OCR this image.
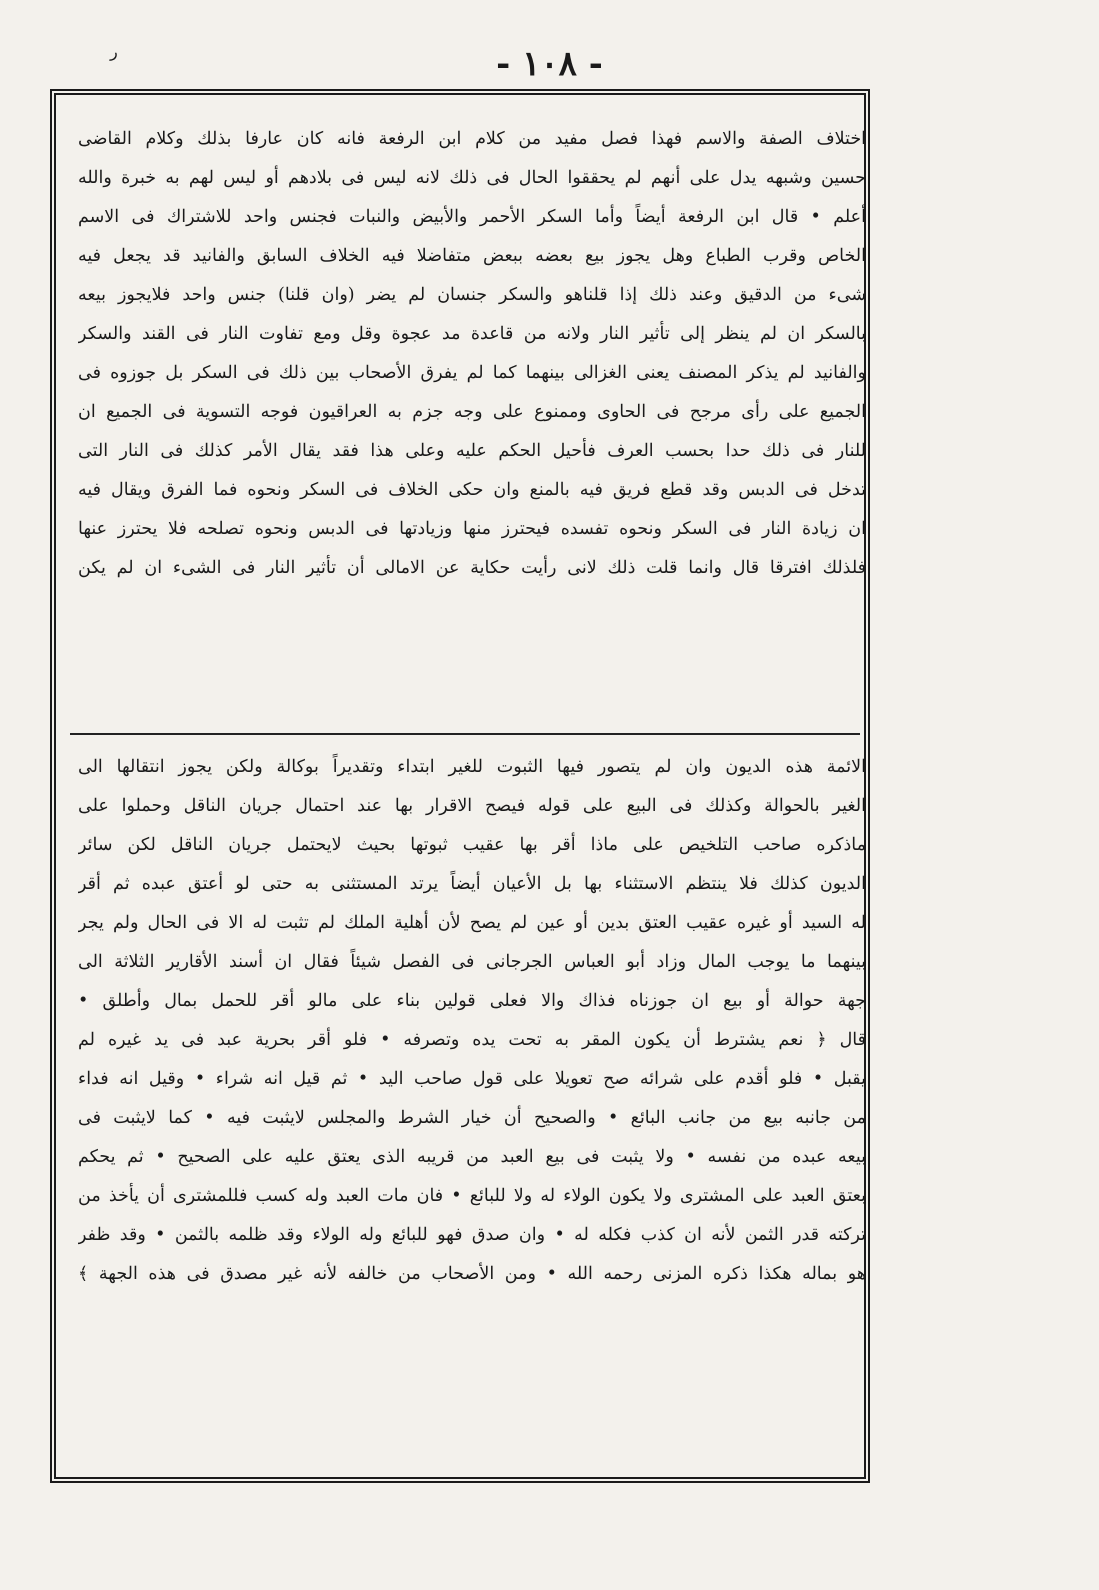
- ١٠٨ -
ر

اختلاف الصفة والاسم فهذا فصل مفيد من كلام ابن الرفعة فانه كان عارفا بذلك وكلام القاضى

حسين وشبهه يدل على أنهم لم يحققوا الحال فى ذلك لانه ليس فى بلادهم أو ليس لهم به خبرة والله

أعلم • قال ابن الرفعة أيضاً وأما السكر الأحمر والأبيض والنبات فجنس واحد للاشتراك فى الاسم

الخاص وقرب الطباع وهل يجوز بيع بعضه ببعض متفاضلا فيه الخلاف السابق والفانيد قد يجعل فيه

شىء من الدقيق وعند ذلك إذا قلناهو والسكر جنسان لم يضر (وان قلنا) جنس واحد فلايجوز بيعه

بالسكر ان لم ينظر إلى تأثير النار ولانه من قاعدة مد عجوة وقل ومع تفاوت النار فى القند والسكر

والفانيد لم يذكر المصنف يعنى الغزالى بينهما كما لم يفرق الأصحاب بين ذلك فى السكر بل جوزوه فى

الجميع على رأى مرجح فى الحاوى وممنوع على وجه جزم به العراقيون فوجه التسوية فى الجميع ان

للنار فى ذلك حدا بحسب العرف فأحيل الحكم عليه وعلى هذا فقد يقال الأمر كذلك فى النار التى

تدخل فى الدبس وقد قطع فريق فيه بالمنع وان حكى الخلاف فى السكر ونحوه فما الفرق ويقال فيه

ان زيادة النار فى السكر ونحوه تفسده فيحترز منها وزيادتها فى الدبس ونحوه تصلحه فلا يحترز عنها

فلذلك افترقا قال وانما قلت ذلك لانى رأيت حكاية عن الامالى أن تأثير النار فى الشىء ان لم يكن

الائمة هذه الديون وان لم يتصور فيها الثبوت للغير ابتداء وتقديراً بوكالة ولكن يجوز انتقالها الى

الغير بالحوالة وكذلك فى البيع على قوله فيصح الاقرار بها عند احتمال جريان الناقل وحملوا على

ماذكره صاحب التلخيص على ماذا أقر بها عقيب ثبوتها بحيث لايحتمل جريان الناقل لكن سائر

الديون كذلك فلا ينتظم الاستثناء بها بل الأعيان أيضاً يرتد المستثنى به حتى لو أعتق عبده ثم أقر

له السيد أو غيره عقيب العتق بدين أو عين لم يصح لأن أهلية الملك لم تثبت له الا فى الحال ولم يجر

بينهما ما يوجب المال وزاد أبو العباس الجرجانى فى الفصل شيئاً فقال ان أسند الأقارير الثلاثة الى

جهة حوالة أو بيع ان جوزناه فذاك والا فعلى قولين بناء على مالو أقر للحمل بمال وأطلق •

قال ﴿ نعم يشترط أن يكون المقر به تحت يده وتصرفه • فلو أقر بحرية عبد فى يد غيره لم

يقبل • فلو أقدم على شرائه صح تعويلا على قول صاحب اليد • ثم قيل انه شراء • وقيل انه فداء

من جانبه بيع من جانب البائع • والصحيح أن خيار الشرط والمجلس لايثبت فيه • كما لايثبت فى

بيعه عبده من نفسه • ولا يثبت فى بيع العبد من قريبه الذى يعتق عليه على الصحيح • ثم يحكم

بعتق العبد على المشترى ولا يكون الولاء له ولا للبائع • فان مات العبد وله كسب فللمشترى أن يأخذ من

تركته قدر الثمن لأنه ان كذب فكله له • وان صدق فهو للبائع وله الولاء وقد ظلمه بالثمن • وقد ظفر

هو بماله هكذا ذكره المزنى رحمه الله • ومن الأصحاب من خالفه لأنه غير مصدق فى هذه الجهة ﴾
